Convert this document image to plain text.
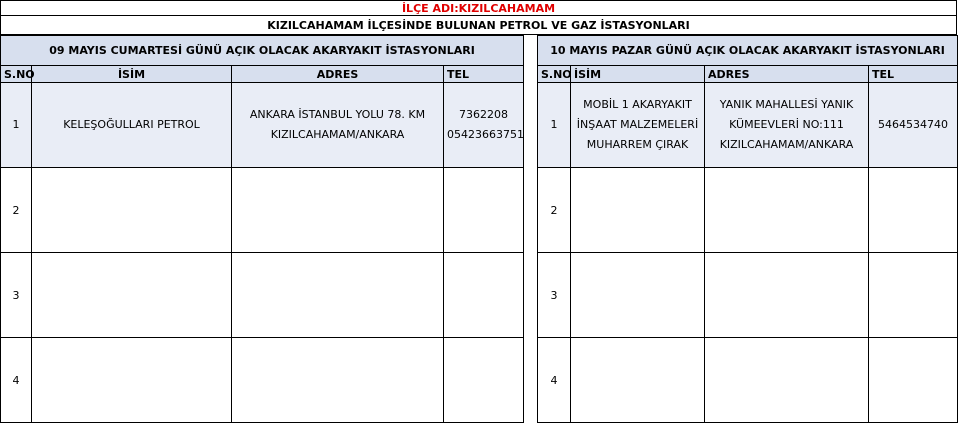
İLÇE ADI:KIZILCAHAMAM
KIZILCAHAMAM İLÇESİNDE BULUNAN PETROL VE GAZ İSTASYONLARI
09 MAYIS CUMARTESİ GÜNÜ AÇIK OLACAK AKARYAKIT İSTASYONLARI			
S.NO	İSİM	ADRES	TEL
1	KELEŞOĞULLARI PETROL	ANKARA İSTANBUL YOLU 78. KM KIZILCAHAMAM/ANKARA	7362208
05423663751

2			
3			
4			
10 MAYIS PAZAR GÜNÜ AÇIK OLACAK AKARYAKIT İSTASYONLARI			
S.NO	İSİM	ADRES	TEL
1	MOBİL 1 AKARYAKIT İNŞAAT MALZEMELERİ MUHARREM ÇIRAK	YANIK MAHALLESİ YANIK KÜMEEVLERİ NO:111 KIZILCAHAMAM/ANKARA	5464534740
2			
3			
4			
